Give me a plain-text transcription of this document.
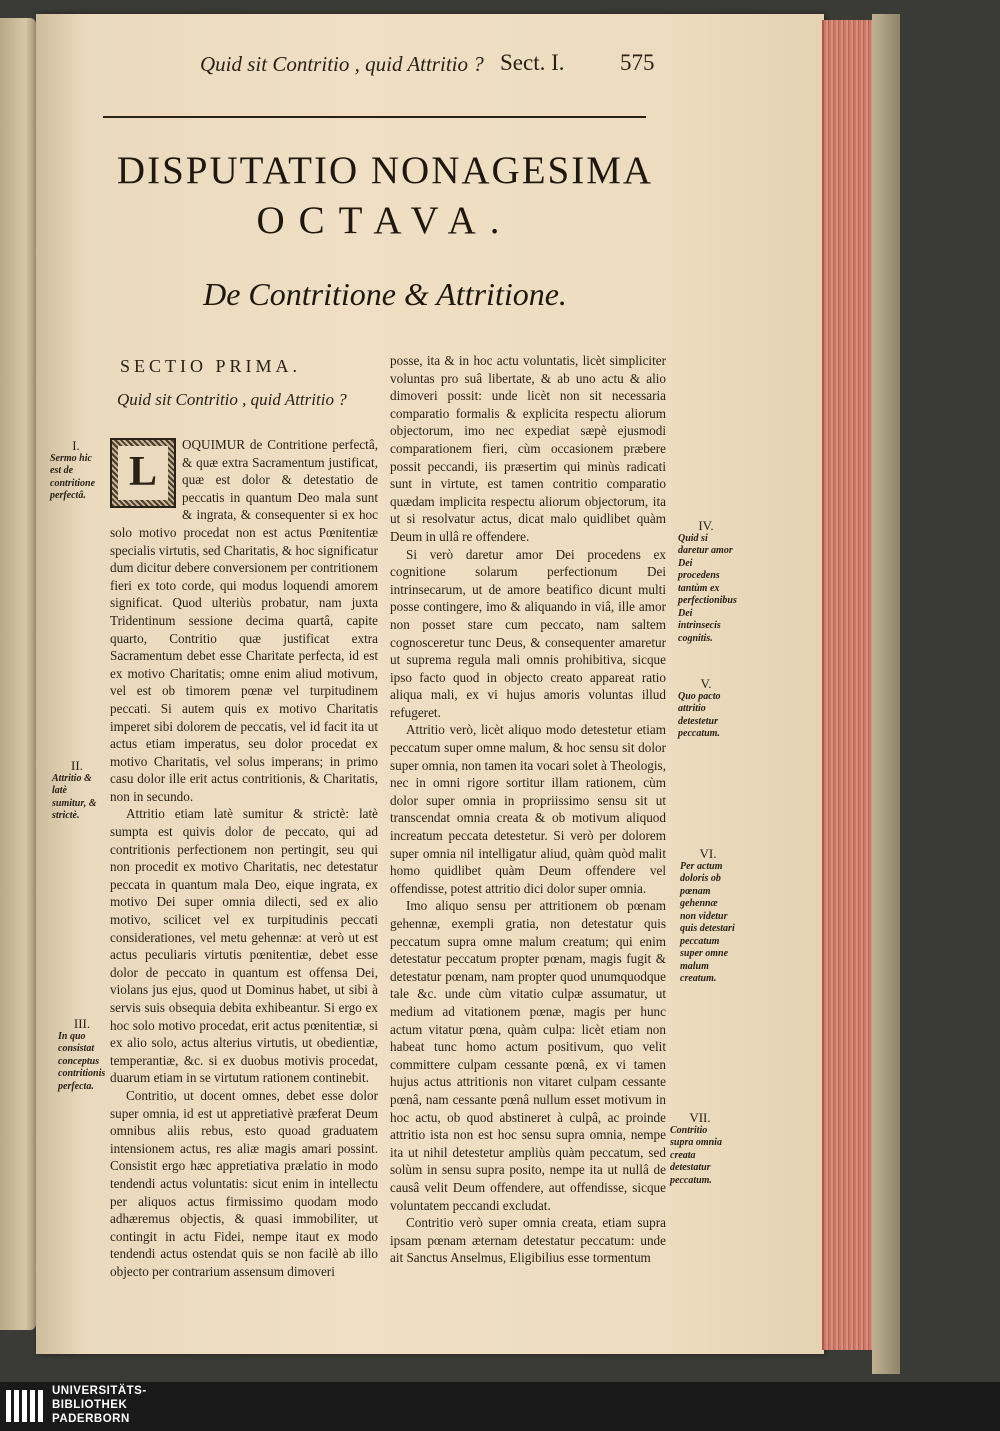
Quid sit Contritio , quid Attritio ? Sect. I. 575
DISPUTATIO NONAGESIMA
OCTAVA.
De Contritione & Attritione.
SECTIO PRIMA.
Quid sit Contritio , quid Attritio ?

L
OQUIMUR de Contritione perfectâ, & quæ extra Sacramentum justificat, quæ est dolor & detestatio de peccatis in quantum Deo mala sunt & ingrata, & consequenter si ex hoc solo motivo procedat non est actus Pœnitentiæ specialis virtutis, sed Charitatis, & hoc significatur dum dicitur debere conversionem per contritionem fieri ex toto corde, qui modus loquendi amorem significat. Quod ulteriùs probatur, nam juxta Tridentinum sessione decima quartâ, capite quarto, Contritio quæ justificat extra Sacramentum debet esse Charitate perfecta, id est ex motivo Charitatis; omne enim aliud motivum, vel est ob timorem pœnæ vel turpitudinem peccati. Si autem quis ex motivo Charitatis imperet sibi dolorem de peccatis, vel id facit ita ut actus etiam imperatus, seu dolor procedat ex motivo Charitatis, vel solus imperans; in primo casu dolor ille erit actus contritionis, & Charitatis, non in secundo.

Attritio etiam latè sumitur & strictè: latè sumpta est quivis dolor de peccato, qui ad contritionis perfectionem non pertingit, seu qui non procedit ex motivo Charitatis, nec detestatur peccata in quantum mala Deo, eique ingrata, ex motivo Dei super omnia dilecti, sed ex alio motivo, scilicet vel ex turpitudinis peccati considerationes, vel metu gehennæ: at verò ut est actus peculiaris virtutis pœnitentiæ, debet esse dolor de peccato in quantum est offensa Dei, violans jus ejus, quod ut Dominus habet, ut sibi à servis suis obsequia debita exhibeantur. Si ergo ex hoc solo motivo procedat, erit actus pœnitentiæ, si ex alio solo, actus alterius virtutis, ut obedientiæ, temperantiæ, &c. si ex duobus motivis procedat, duarum etiam in se virtutum rationem continebit.

Contritio, ut docent omnes, debet esse dolor super omnia, id est ut appretiativè præferat Deum omnibus aliis rebus, esto quoad graduatem intensionem actus, res aliæ magis amari possint. Consistit ergo hæc appretiativa prælatio in modo tendendi actus voluntatis: sicut enim in intellectu per aliquos actus firmissimo quodam modo adhæremus objectis, & quasi immobiliter, ut contingit in actu Fidei, nempe itaut ex modo tendendi actus ostendat quis se non facilè ab illo objecto per contrarium assensum dimoveri

posse, ita & in hoc actu voluntatis, licèt simpliciter voluntas pro suâ libertate, & ab uno actu & alio dimoveri possit: unde licèt non sit necessaria comparatio formalis & explicita respectu aliorum objectorum, imo nec expediat sæpè ejusmodi comparationem fieri, cùm occasionem præbere possit peccandi, iis præsertim qui minùs radicati sunt in virtute, est tamen contritio comparatio quædam implicita respectu aliorum objectorum, ita ut si resolvatur actus, dicat malo quidlibet quàm Deum in ullâ re offendere.

Si verò daretur amor Dei procedens ex cognitione solarum perfectionum Dei intrinsecarum, ut de amore beatifico dicunt multi posse contingere, imo & aliquando in viâ, ille amor non posset stare cum peccato, nam saltem cognosceretur tunc Deus, & consequenter amaretur ut suprema regula mali omnis prohibitiva, sicque ipso facto quod in objecto creato appareat ratio aliqua mali, ex vi hujus amoris voluntas illud refugeret.

Attritio verò, licèt aliquo modo detestetur etiam peccatum super omne malum, & hoc sensu sit dolor super omnia, non tamen ita vocari solet à Theologis, nec in omni rigore sortitur illam rationem, cùm dolor super omnia in propriissimo sensu sit ut transcendat omnia creata & ob motivum aliquod increatum peccata detestetur. Si verò per dolorem super omnia nil intelligatur aliud, quàm quòd malit homo quidlibet quàm Deum offendere vel offendisse, potest attritio dici dolor super omnia.

Imo aliquo sensu per attritionem ob pœnam gehennæ, exempli gratia, non detestatur quis peccatum supra omne malum creatum; qui enim detestatur peccatum propter pœnam, magis fugit & detestatur pœnam, nam propter quod unumquodque tale &c. unde cùm vitatio culpæ assumatur, ut medium ad vitationem pœnæ, magis per hunc actum vitatur pœna, quàm culpa: licèt etiam non habeat tunc homo actum positivum, quo velit committere culpam cessante pœnâ, ex vi tamen hujus actus attritionis non vitaret culpam cessante pœnâ, nam cessante pœnâ nullum esset motivum in hoc actu, ob quod abstineret à culpâ, ac proinde attritio ista non est hoc sensu supra omnia, nempe ita ut nihil detestetur ampliùs quàm peccatum, sed solùm in sensu supra posito, nempe ita ut nullâ de causâ velit Deum offendere, aut offendisse, sicque voluntatem peccandi excludat.

Contritio verò super omnia creata, etiam supra ipsam pœnam æternam detestatur peccatum: unde ait Sanctus Anselmus, Eligibilius esse tormentum

I.
Sermo hic est de contritione perfectâ.
II.
Attritio & latè sumitur, & strictè.
III.
In quo consistat conceptus contritionis perfecta.
IV.
Quid si daretur amor Dei procedens tantùm ex perfectionibus Dei intrinsecis cognitis.
V.
Quo pacto attritio detestetur peccatum.
VI.
Per actum doloris ob pœnam gehennæ non videtur quis detestari peccatum super omne malum creatum.
VII.
Contritio supra omnia creata detestatur peccatum.
UNIVERSITÄTS-
BIBLIOTHEK
PADERBORN
